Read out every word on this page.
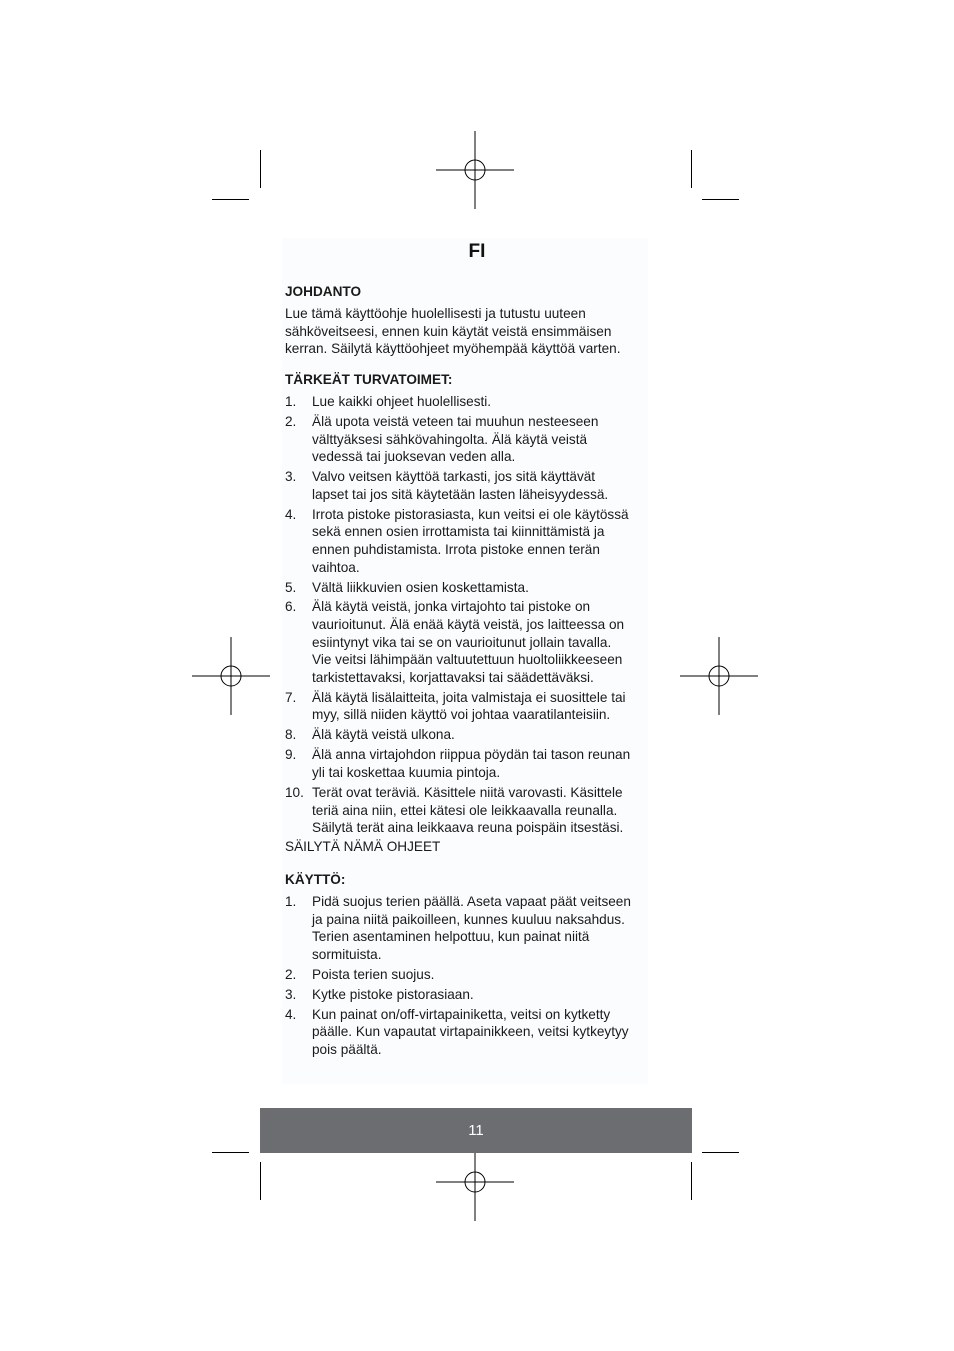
FI
JOHDANTO

Lue tämä käyttöohje huolellisesti ja tutustu uuteen
sähköveitseesi, ennen kuin käytät veistä ensimmäisen
kerran. Säilytä käyttöohjeet myöhempää käyttöä varten.

TÄRKEÄT TURVATOIMET:
1. Lue kaikki ohjeet huolellisesti.
2. Älä upota veistä veteen tai muuhun nesteeseen
välttyäksesi sähkövahingolta. Älä käytä veistä
vedessä tai juoksevan veden alla.
3. Valvo veitsen käyttöä tarkasti, jos sitä käyttävät
lapset tai jos sitä käytetään lasten läheisyydessä.
4. Irrota pistoke pistorasiasta, kun veitsi ei ole käytössä
sekä ennen osien irrottamista tai kiinnittämistä ja
ennen puhdistamista. Irrota pistoke ennen terän
vaihtoa.
5. Vältä liikkuvien osien koskettamista.
6. Älä käytä veistä, jonka virtajohto tai pistoke on
vaurioitunut. Älä enää käytä veistä, jos laitteessa on
esiintynyt vika tai se on vaurioitunut jollain tavalla.
Vie veitsi lähimpään valtuutettuun huoltoliikkeeseen
tarkistettavaksi, korjattavaksi tai säädettäväksi.
7. Älä käytä lisälaitteita, joita valmistaja ei suosittele tai
myy, sillä niiden käyttö voi johtaa vaaratilanteisiin.
8. Älä käytä veistä ulkona.
9. Älä anna virtajohdon riippua pöydän tai tason reunan
yli tai koskettaa kuumia pintoja.
10. Terät ovat teräviä. Käsittele niitä varovasti. Käsittele
teriä aina niin, ettei kätesi ole leikkaavalla reunalla.
Säilytä terät aina leikkaava reuna poispäin itsestäsi.
SÄILYTÄ NÄMÄ OHJEET
KÄYTTÖ:
1. Pidä suojus terien päällä. Aseta vapaat päät veitseen
ja paina niitä paikoilleen, kunnes kuuluu naksahdus.
Terien asentaminen helpottuu, kun painat niitä
sormituista.
2. Poista terien suojus.
3. Kytke pistoke pistorasiaan.
4. Kun painat on/off-virtapainiketta, veitsi on kytketty
päälle. Kun vapautat virtapainikkeen, veitsi kytkeytyy
pois päältä.
11
